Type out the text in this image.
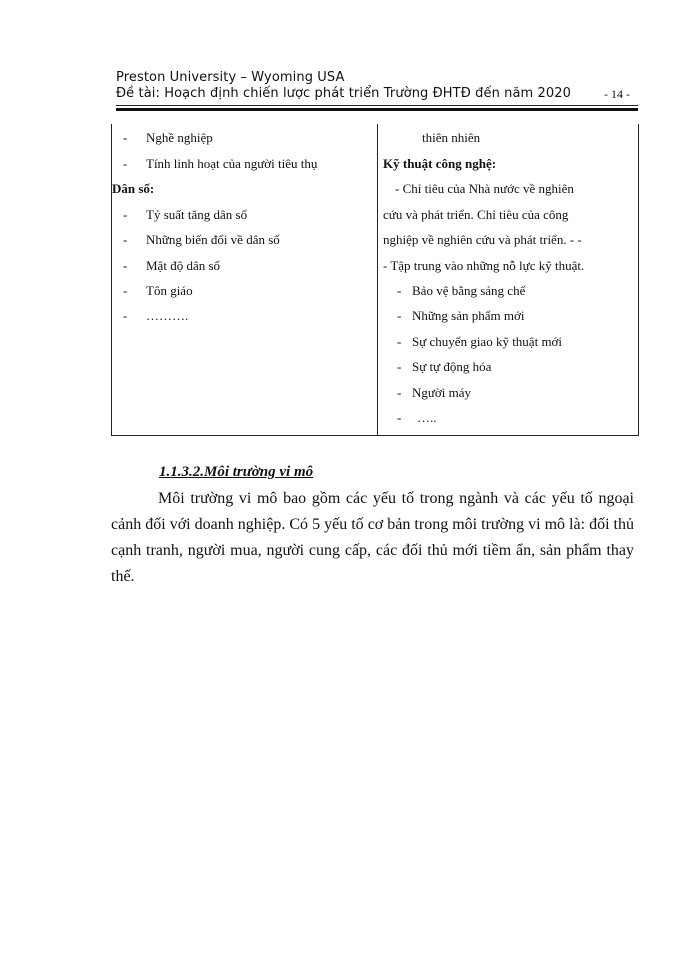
Preston University – Wyoming USA
Đề tài: Hoạch định chiến lược phát triển Trường ĐHTĐ đến năm 2020	- 14 -
- Nghề nghiệp
- Tính linh hoạt của người tiêu thụ
Dân số:
- Tỷ suất tăng dân số
- Những biến đổi về dân số
- Mật độ dân số
- Tôn giáo
- ……….
thiên nhiên
Kỹ thuật công nghệ:
- Chỉ tiêu của Nhà nước về nghiên
cứu và phát triển. Chỉ tiêu của công
nghiệp về nghiên cứu và phát triển. - -
- Tập trung vào những nỗ lực kỹ thuật.
- Bảo vệ bằng sáng chế
- Những sản phẩm mới
- Sự chuyển giao kỹ thuật mới
- Sự tự động hóa
- Người máy
- …..
1.1.3.2.Môi trường vi mô

Môi trường vi mô bao gồm các yếu tố trong ngành và các yếu tố ngoại cảnh đối với doanh nghiệp. Có 5 yếu tố cơ bản trong môi trường vi mô là: đối thủ cạnh tranh, người mua, người cung cấp, các đối thủ mới tiềm ẩn, sản phẩm thay thế.
